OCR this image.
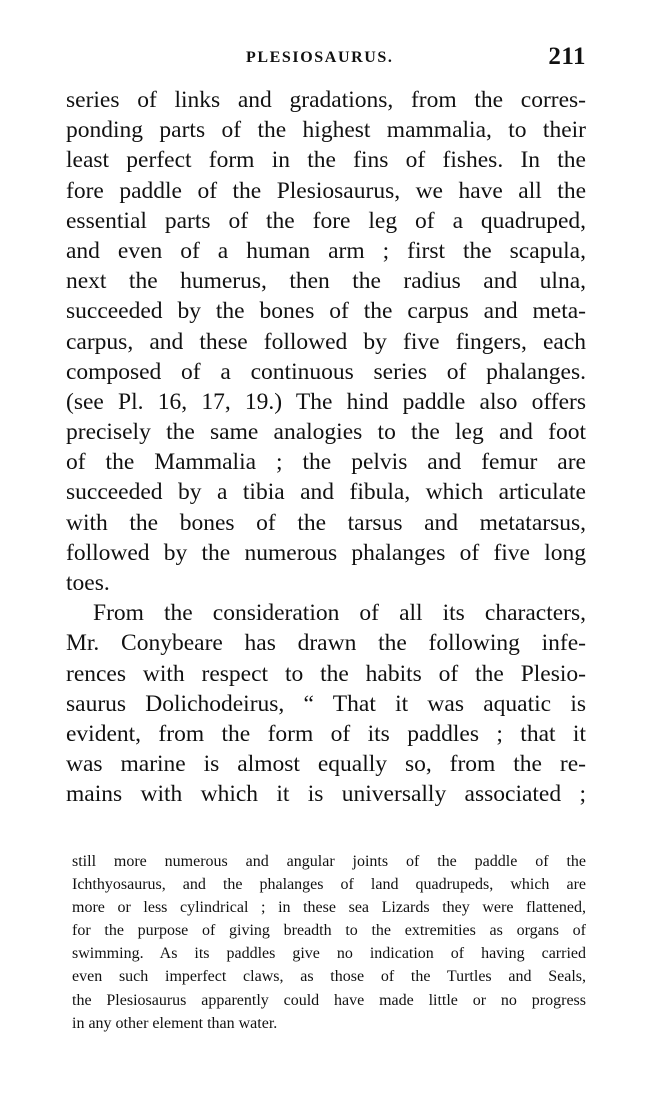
PLESIOSAURUS.	211
series of links and gradations, from the corres-
ponding parts of the highest mammalia, to their
least perfect form in the fins of fishes. In the
fore paddle of the Plesiosaurus, we have all the
essential parts of the fore leg of a quadruped,
and even of a human arm ; first the scapula,
next the humerus, then the radius and ulna,
succeeded by the bones of the carpus and meta-
carpus, and these followed by five fingers, each
composed of a continuous series of phalanges.
(see Pl. 16, 17, 19.) The hind paddle also offers
precisely the same analogies to the leg and foot
of the Mammalia ; the pelvis and femur are
succeeded by a tibia and fibula, which articulate
with the bones of the tarsus and metatarsus,
followed by the numerous phalanges of five long
toes.
From the consideration of all its characters,
Mr. Conybeare has drawn the following infe-
rences with respect to the habits of the Plesio-
saurus Dolichodeirus, “ That it was aquatic is
evident, from the form of its paddles ; that it
was marine is almost equally so, from the re-
mains with which it is universally associated ;
still more numerous and angular joints of the paddle of the
Ichthyosaurus, and the phalanges of land quadrupeds, which are
more or less cylindrical ; in these sea Lizards they were flattened,
for the purpose of giving breadth to the extremities as organs of
swimming. As its paddles give no indication of having carried
even such imperfect claws, as those of the Turtles and Seals,
the Plesiosaurus apparently could have made little or no progress
in any other element than water.
